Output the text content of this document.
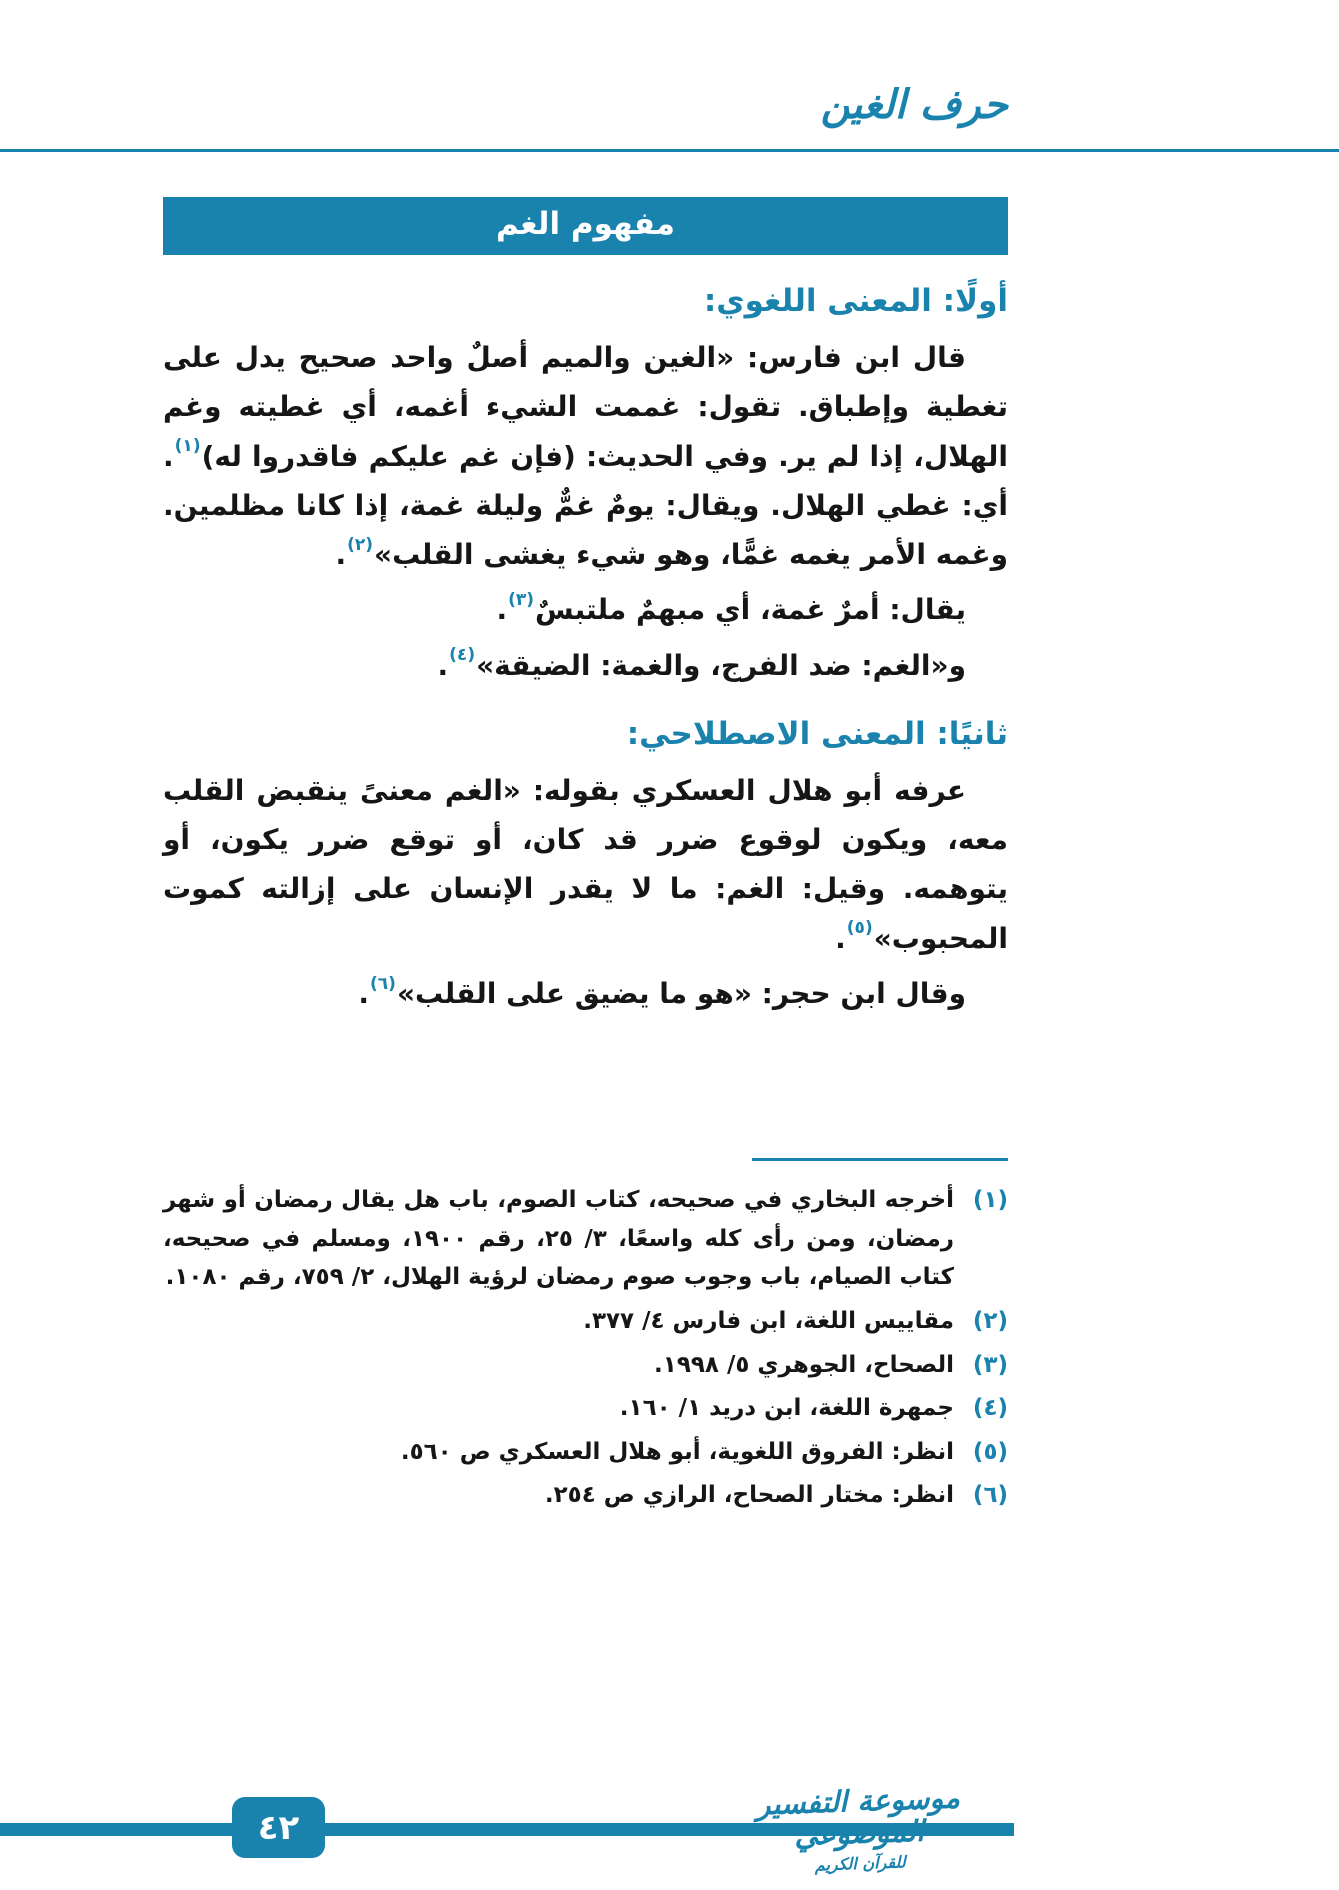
حرف الغين
مفهوم الغم
أولًا: المعنى اللغوي:

قال ابن فارس: «الغين والميم أصلٌ واحد صحيح يدل على تغطية وإطباق. تقول: غممت الشيء أغمه، أي غطيته وغم الهلال، إذا لم ير. وفي الحديث: (فإن غم عليكم فاقدروا له)$^{(١)}$. أي: غطي الهلال. ويقال: يومٌ غمٌّ وليلة غمة، إذا كانا مظلمين. وغمه الأمر يغمه غمًّا، وهو شيء يغشى القلب»$^{(٢)}$.

يقال: أمرٌ غمة، أي مبهمٌ ملتبسٌ$^{(٣)}$.

و«الغم: ضد الفرج، والغمة: الضيقة»$^{(٤)}$.

ثانيًا: المعنى الاصطلاحي:

عرفه أبو هلال العسكري بقوله: «الغم معنىً ينقبض القلب معه، ويكون لوقوع ضرر قد كان، أو توقع ضرر يكون، أو يتوهمه. وقيل: الغم: ما لا يقدر الإنسان على إزالته كموت المحبوب»$^{(٥)}$.

وقال ابن حجر: «هو ما يضيق على القلب»$^{(٦)}$.

(١)
أخرجه البخاري في صحيحه، كتاب الصوم، باب هل يقال رمضان أو شهر رمضان، ومن رأى كله واسعًا، ٣/ ٢٥، رقم ١٩٠٠، ومسلم في صحيحه، كتاب الصيام، باب وجوب صوم رمضان لرؤية الهلال، ٢/ ٧٥٩، رقم ١٠٨٠.
(٢)
مقاييس اللغة، ابن فارس ٤/ ٣٧٧.
(٣)
الصحاح، الجوهري ٥/ ١٩٩٨.
(٤)
جمهرة اللغة، ابن دريد ١/ ١٦٠.
(٥)
انظر: الفروق اللغوية، أبو هلال العسكري ص ٥٦٠.
(٦)
انظر: مختار الصحاح، الرازي ص ٢٥٤.
موسوعة التفسير الموضوعي
للقرآن الكريم
٤٢
